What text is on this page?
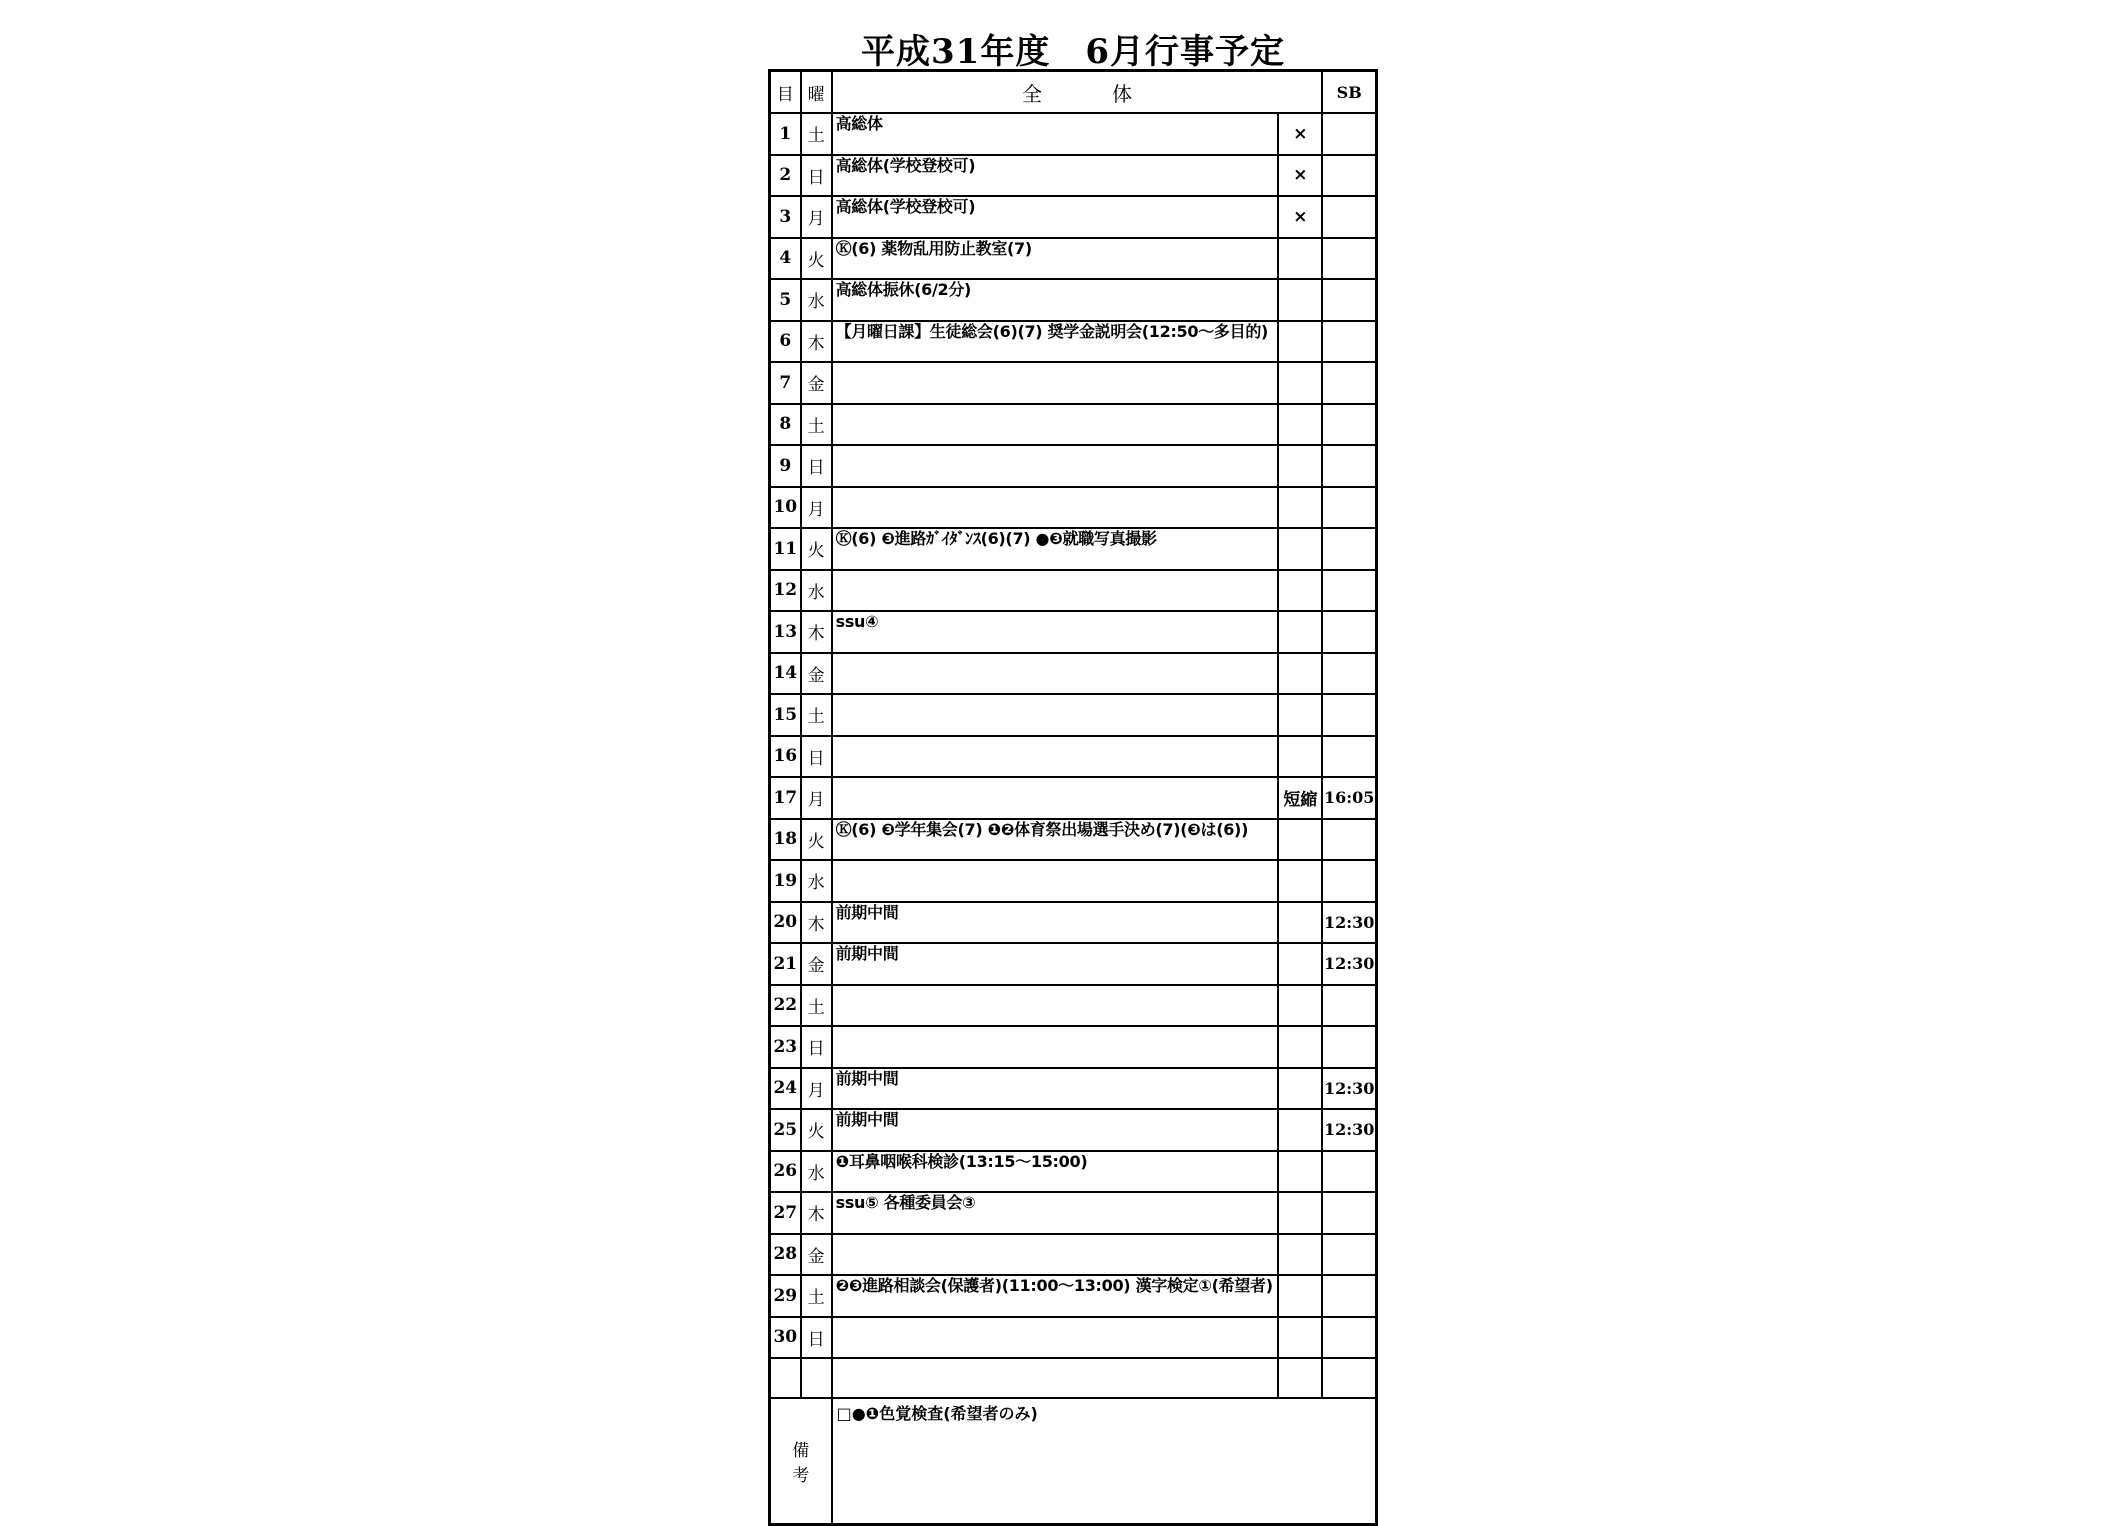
平成31年度　6月行事予定
目	曜	全体		SB
1	土	高総体	×	
2	日	高総体(学校登校可)	×	
3	月	高総体(学校登校可)	×	
4	火	Ⓚ(6) 薬物乱用防止教室(7)		
5	水	高総体振休(6/2分)		
6	木	【月曜日課】生徒総会(6)(7) 奨学金説明会(12:50～多目的)		
7	金			
8	土			
9	日			
10	月			
11	火	Ⓚ(6) ❸進路ｶﾞｲﾀﾞﾝｽ(6)(7) ●❸就職写真撮影		
12	水			
13	木	ssu④		
14	金			
15	土			
16	日			
17	月		短縮	16:05
18	火	Ⓚ(6) ❸学年集会(7) ❶❷体育祭出場選手決め(7)(❸は(6))		
19	水			
20	木	前期中間		12:30
21	金	前期中間		12:30
22	土			
23	日			
24	月	前期中間		12:30
25	火	前期中間		12:30
26	水	❶耳鼻咽喉科検診(13:15～15:00)		
27	木	ssu⑤ 各種委員会③		
28	金			
29	土	❷❸進路相談会(保護者)(11:00～13:00) 漢字検定①(希望者)		
30	日			

備考		□●❶色覚検査(希望者のみ)		
